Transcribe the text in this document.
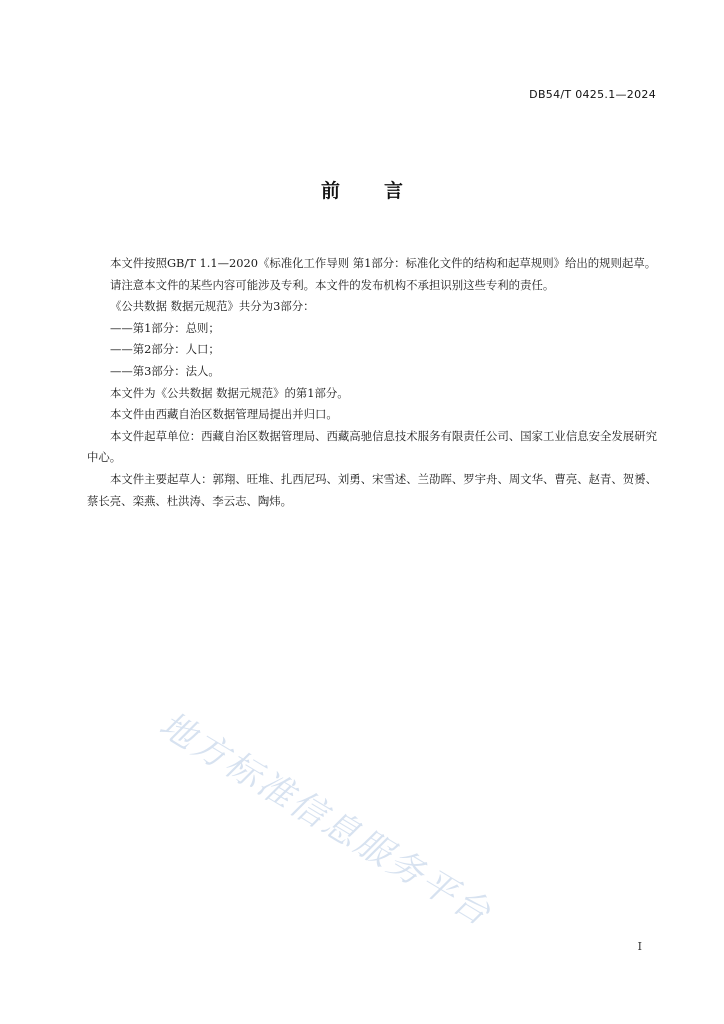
DB54/T 0425.1—2024
前 言

本文件按照GB/T 1.1—2020《标准化工作导则 第1部分：标准化文件的结构和起草规则》给出的规则起草。

请注意本文件的某些内容可能涉及专利。本文件的发布机构不承担识别这些专利的责任。

《公共数据 数据元规范》共分为3部分：

——第1部分：总则；

——第2部分：人口；

——第3部分：法人。

本文件为《公共数据 数据元规范》的第1部分。

本文件由西藏自治区数据管理局提出并归口。

本文件起草单位：西藏自治区数据管理局、西藏高驰信息技术服务有限责任公司、国家工业信息安全发展研究中心。

本文件主要起草人：郭翔、旺堆、扎西尼玛、刘勇、宋雪述、兰劭晖、罗宇舟、周文华、曹亮、赵青、贺赟、蔡长亮、栾燕、杜洪涛、李云志、陶炜。

地方标准信息服务平台
I
